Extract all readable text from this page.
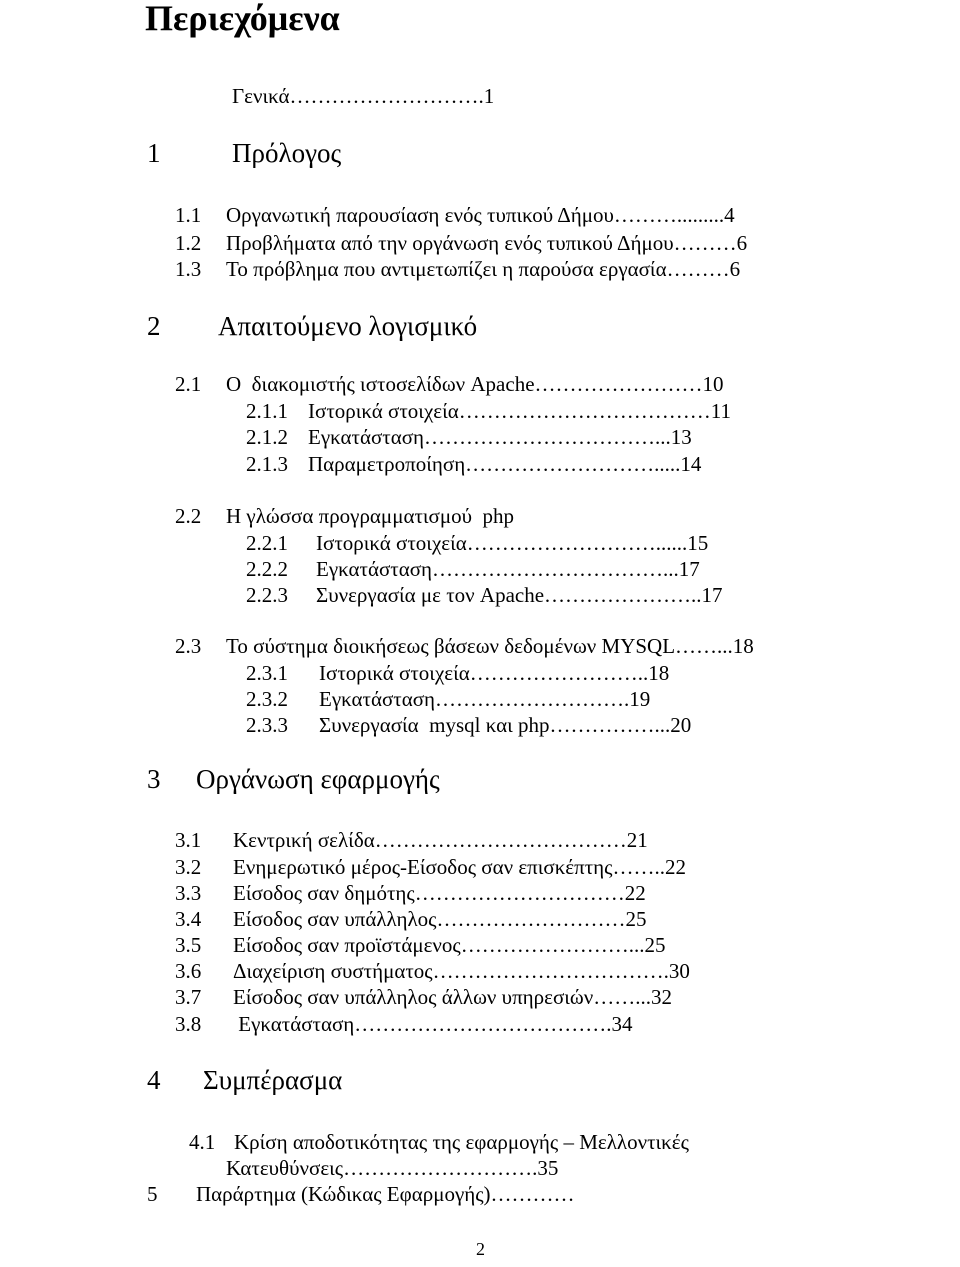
Περιεχόμενα
Γενικά……………………….1
1	Πρόλογος
1.1 Οργανωτική παρουσίαση ενός τυπικού Δήμου……….........4
1.2 Προβλήματα από την οργάνωση ενός τυπικού Δήμου………6
1.3 Το πρόβλημα που αντιμετωπίζει η παρούσα εργασία………6
2 Απαιτούμενο λογισμικό
2.1 Ο  διακομιστής ιστοσελίδων Apache……………………10
2.1.1 Ιστορικά στοιχεία………………………………11
2.1.2 Εγκατάσταση……………………………...13
2.1.3 Παραμετροποίηση……………………….....14
2.2 Η γλώσσα προγραμματισμού  php
2.2.1 Ιστορικά στοιχεία………………………......15
2.2.2 Εγκατάσταση……………………………...17
2.2.3 Συνεργασία με τον Apache…………………..17
2.3 Το σύστημα διοικήσεως βάσεων δεδομένων MYSQL……...18
2.3.1 Ιστορικά στοιχεία……………………..18
2.3.2 Εγκατάσταση……………………….19
2.3.3 Συνεργασία  mysql και php……………...20
3 Οργάνωση εφαρμογής
3.1 Κεντρική σελίδα………………………………21
3.2 Ενημερωτικό μέρος-Είσοδος σαν επισκέπτης……..22
3.3 Είσοδος σαν δημότης…………………………22
3.4 Είσοδος σαν υπάλληλος………………………25
3.5 Είσοδος σαν προϊστάμενος……………………...25
3.6 Διαχείριση συστήματος…………………………….30
3.7 Είσοδος σαν υπάλληλος άλλων υπηρεσιών……...32
3.8 Εγκατάσταση……………………………….34
4 Συμπέρασμα
4.1 Κρίση αποδοτικότητας της εφαρμογής – Μελλοντικές
Κατευθύνσεις……………………….35
5 Παράρτημα (Κώδικας Εφαρμογής)…………
2
